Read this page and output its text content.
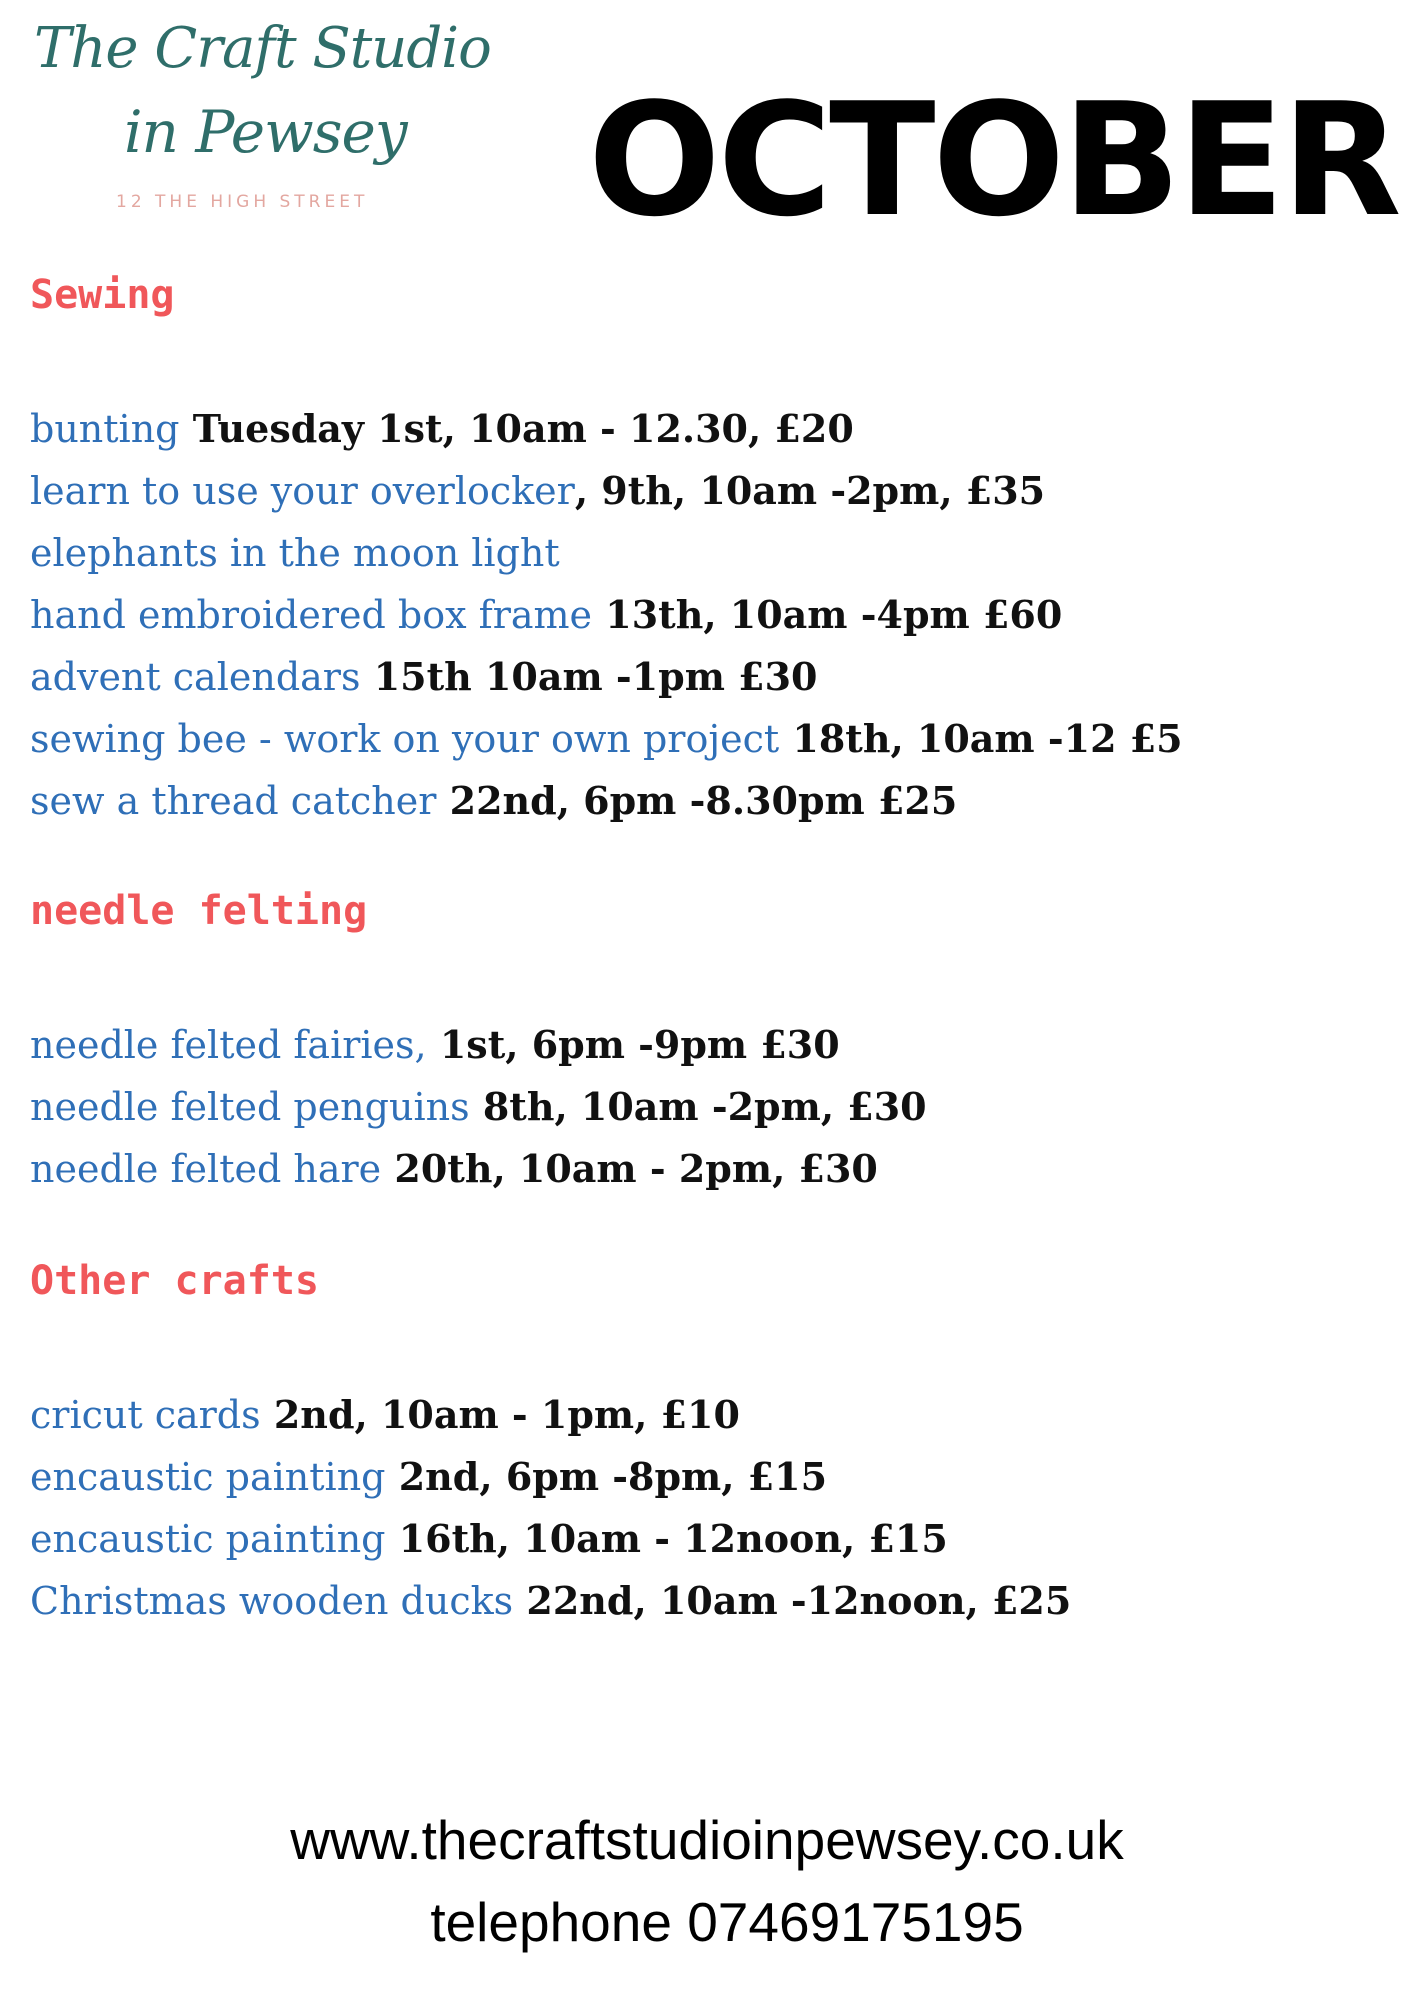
The Craft Studio
in Pewsey
12 THE HIGH STREET OCTOBER
Sewing
bunting Tuesday 1st, 10am - 12.30, £20
learn to use your overlocker, 9th, 10am -2pm, £35
elephants in the moon light
hand embroidered box frame 13th, 10am -4pm £60
advent calendars 15th 10am -1pm £30
sewing bee - work on your own project 18th, 10am -12 £5
sew a thread catcher 22nd, 6pm -8.30pm £25
needle felting
needle felted fairies, 1st, 6pm -9pm £30
needle felted penguins 8th, 10am -2pm, £30
needle felted hare 20th, 10am - 2pm, £30
Other crafts
cricut cards 2nd, 10am - 1pm, £10
encaustic painting 2nd, 6pm -8pm, £15
encaustic painting 16th, 10am - 12noon, £15
Christmas wooden ducks 22nd, 10am -12noon, £25
www.thecraftstudioinpewsey.co.uk
telephone 07469175195
